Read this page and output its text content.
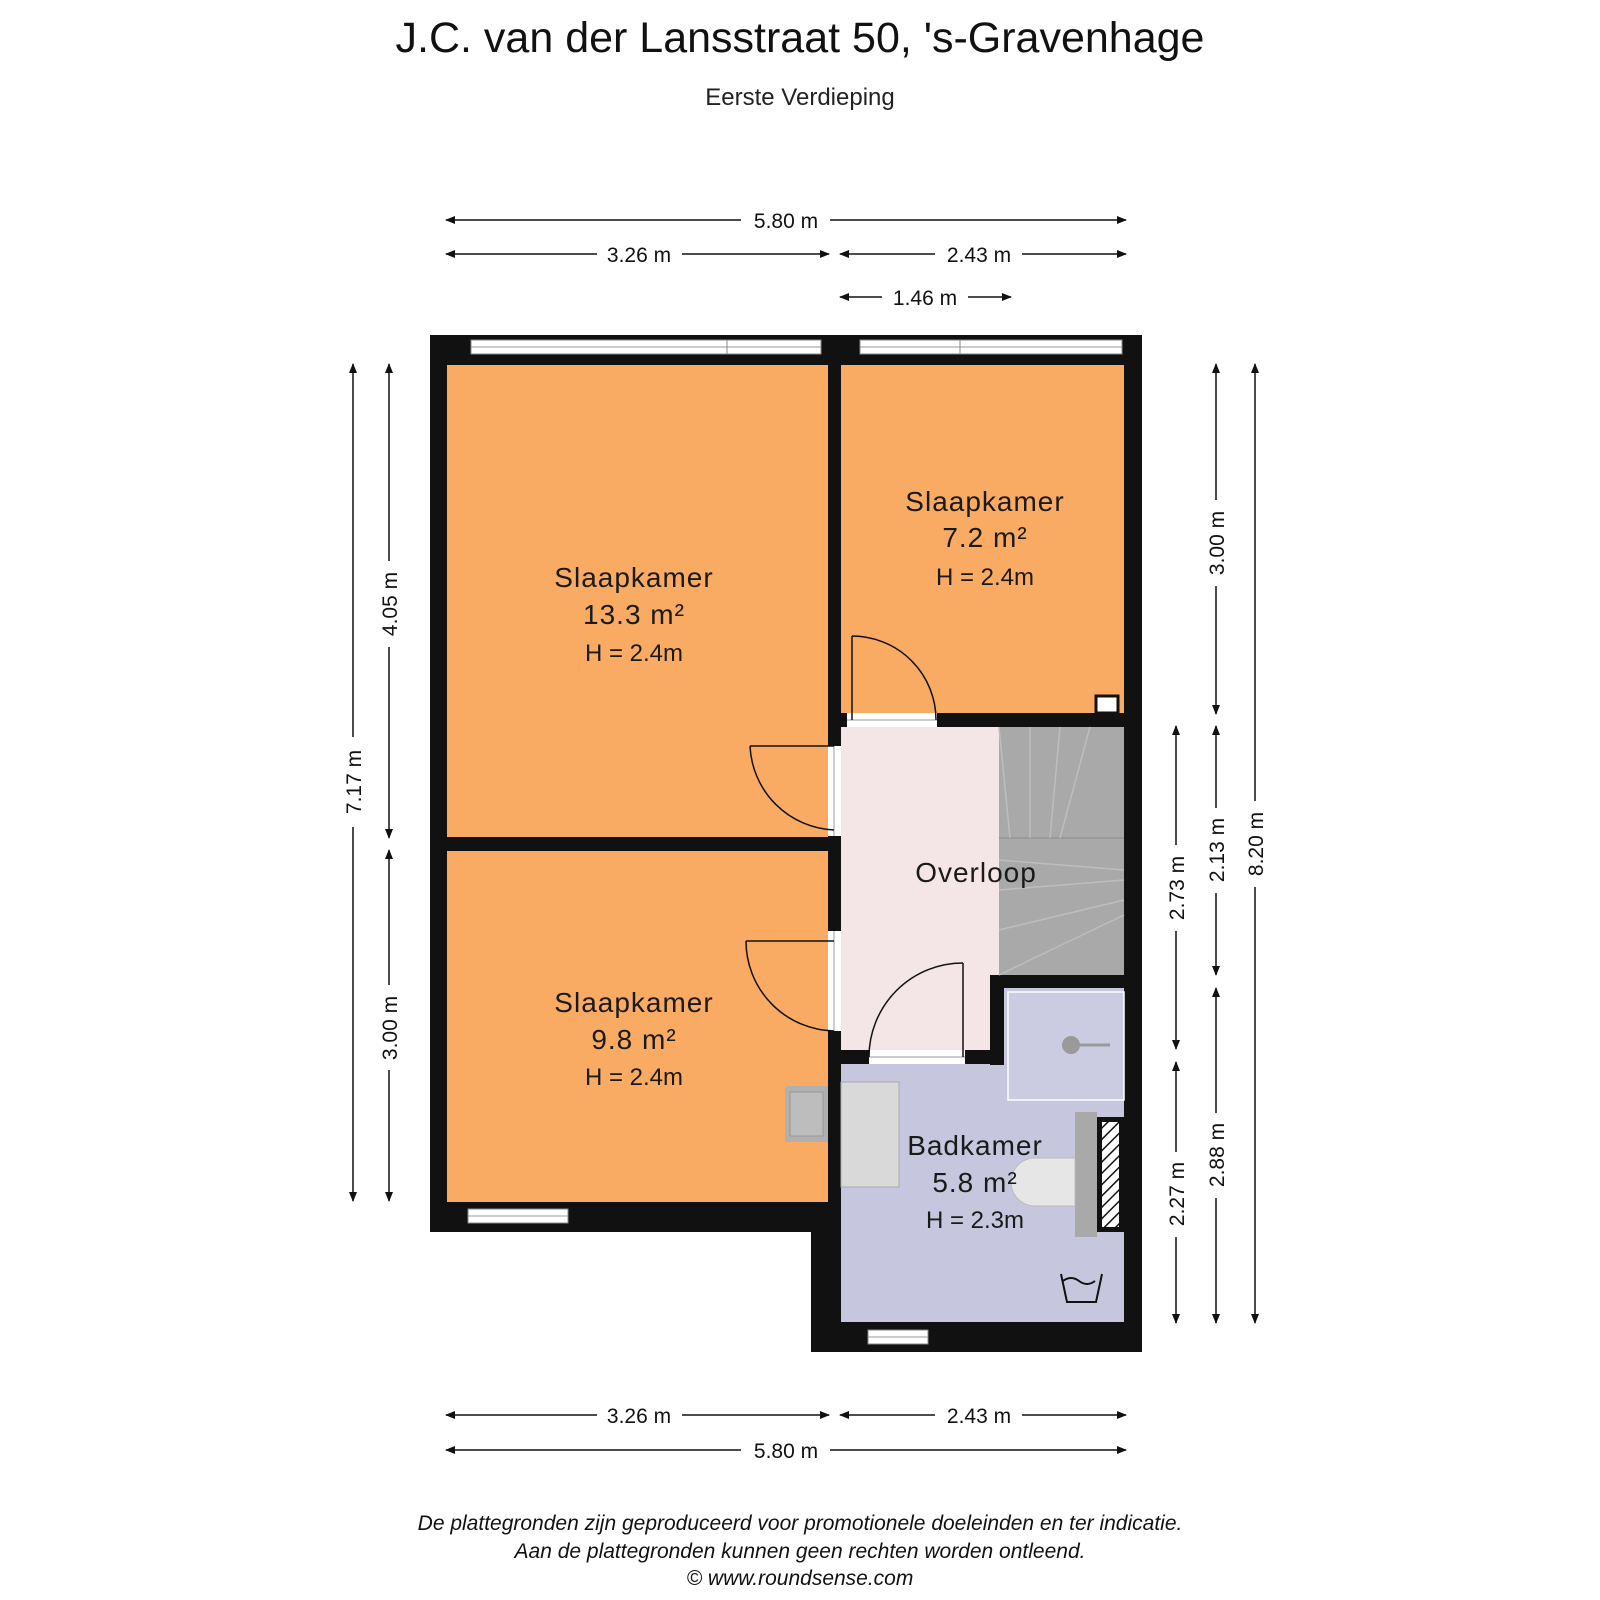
J.C. van der Lansstraat 50, 's-Gravenhage
Eerste Verdieping
Slaapkamer
13.3 m²
H = 2.4m
Slaapkamer
7.2 m²
H = 2.4m
Slaapkamer
9.8 m²
H = 2.4m
Overloop
Badkamer
5.8 m²
H = 2.3m
5.80 m
3.26 m	2.43 m
1.46 m
7.17 m
4.05 m
3.00 m
8.20 m
3.00 m
2.13 m
2.88 m
2.73 m
2.27 m
3.26 m	2.43 m
5.80 m
De plattegronden zijn geproduceerd voor promotionele doeleinden en ter indicatie.
Aan de plattegronden kunnen geen rechten worden ontleend.
© www.roundsense.com
